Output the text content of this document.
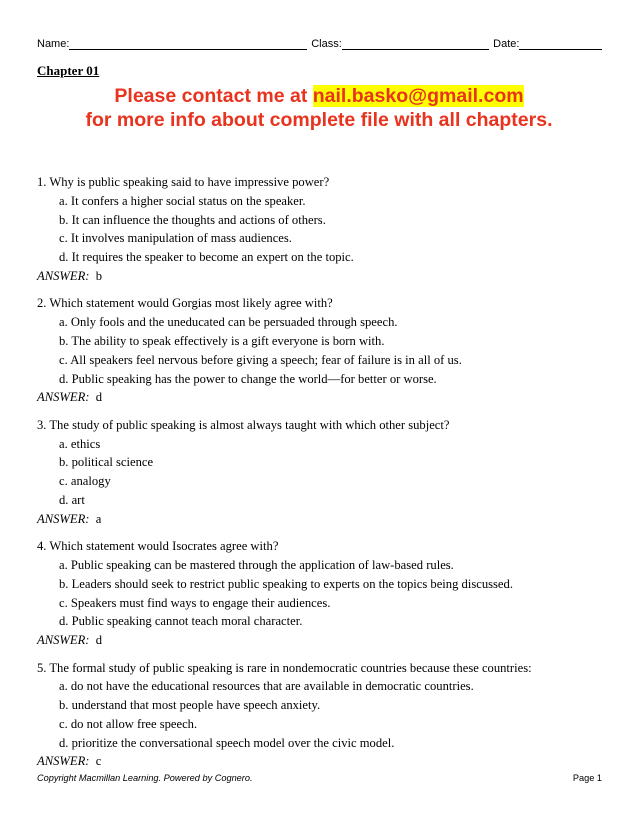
Name:	Class:	Date:
Chapter 01
Please contact me at nail.basko@gmail.com
for more info about complete file with all chapters.
1. Why is public speaking said to have impressive power?
a. It confers a higher social status on the speaker.
b. It can influence the thoughts and actions of others.
c. It involves manipulation of mass audiences.
d. It requires the speaker to become an expert on the topic.
ANSWER: b
2. Which statement would Gorgias most likely agree with?
a. Only fools and the uneducated can be persuaded through speech.
b. The ability to speak effectively is a gift everyone is born with.
c. All speakers feel nervous before giving a speech; fear of failure is in all of us.
d. Public speaking has the power to change the world—for better or worse.
ANSWER: d
3. The study of public speaking is almost always taught with which other subject?
a. ethics
b. political science
c. analogy
d. art
ANSWER: a
4. Which statement would Isocrates agree with?
a. Public speaking can be mastered through the application of law-based rules.
b. Leaders should seek to restrict public speaking to experts on the topics being discussed.
c. Speakers must find ways to engage their audiences.
d. Public speaking cannot teach moral character.
ANSWER: d
5. The formal study of public speaking is rare in nondemocratic countries because these countries:
a. do not have the educational resources that are available in democratic countries.
b. understand that most people have speech anxiety.
c. do not allow free speech.
d. prioritize the conversational speech model over the civic model.
ANSWER: c
Copyright Macmillan Learning. Powered by Cognero.	Page 1
